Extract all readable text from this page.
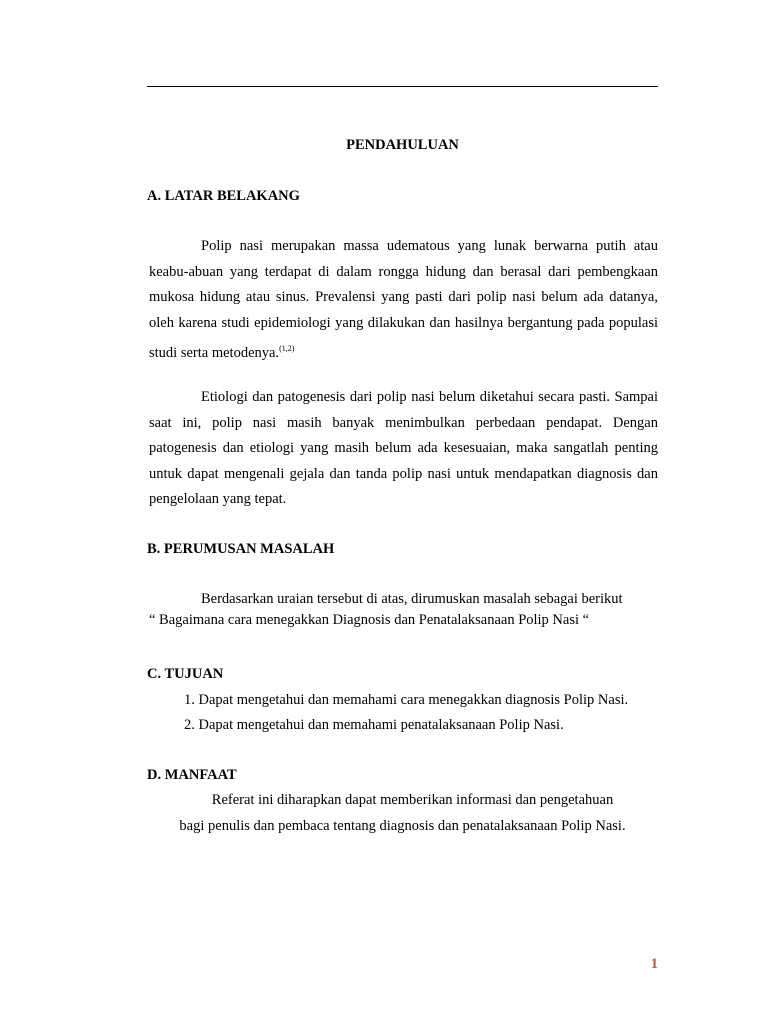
PENDAHULUAN
A. LATAR BELAKANG

Polip nasi merupakan massa udematous yang lunak berwarna putih atau keabu-abuan yang terdapat di dalam rongga hidung dan berasal dari pembengkaan mukosa hidung atau sinus. Prevalensi yang pasti dari polip nasi belum ada datanya, oleh karena studi epidemiologi yang dilakukan dan hasilnya bergantung pada populasi studi serta metodenya.$^{(1,2)}$

Etiologi dan patogenesis dari polip nasi belum diketahui secara pasti. Sampai saat ini, polip nasi masih banyak menimbulkan perbedaan pendapat. Dengan patogenesis dan etiologi yang masih belum ada kesesuaian, maka sangatlah penting untuk dapat mengenali gejala dan tanda polip nasi untuk mendapatkan diagnosis dan pengelolaan yang tepat.

B. PERUMUSAN MASALAH

Berdasarkan uraian tersebut di atas, dirumuskan masalah sebagai berikut

“ Bagaimana cara menegakkan Diagnosis dan Penatalaksanaan Polip Nasi “
C. TUJUAN
1. Dapat mengetahui dan memahami cara menegakkan diagnosis Polip Nasi.
2. Dapat mengetahui dan memahami penatalaksanaan Polip Nasi.
D. MANFAAT
Referat ini diharapkan dapat memberikan informasi dan pengetahuan
bagi penulis dan pembaca tentang diagnosis dan penatalaksanaan Polip Nasi.
1
